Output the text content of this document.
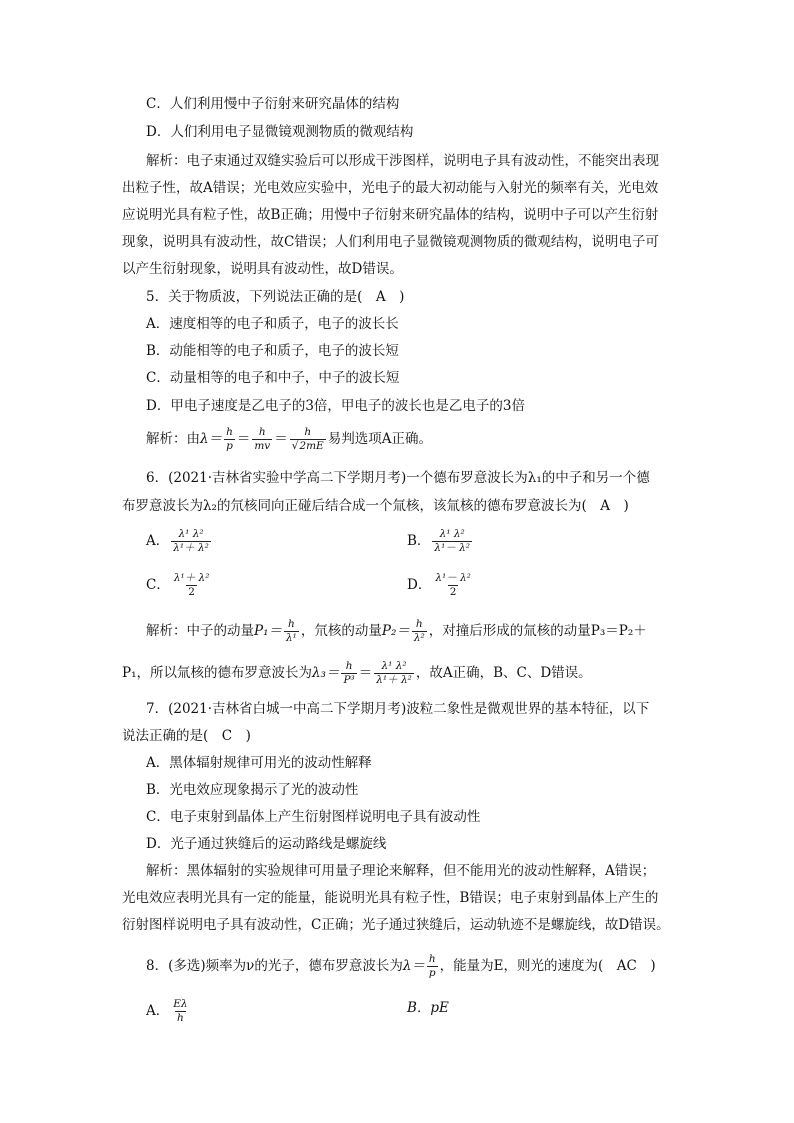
C．人们利用慢中子衍射来研究晶体的结构
D．人们利用电子显微镜观测物质的微观结构
解析：电子束通过双缝实验后可以形成干涉图样，说明电子具有波动性，不能突出表现
出粒子性，故A错误；光电效应实验中，光电子的最大初动能与入射光的频率有关，光电效
应说明光具有粒子性，故B正确；用慢中子衍射来研究晶体的结构，说明中子可以产生衍射
现象，说明具有波动性，故C错误；人们利用电子显微镜观测物质的微观结构，说明电子可
以产生衍射现象，说明具有波动性，故D错误。
5．关于物质波，下列说法正确的是(　A　)
A．速度相等的电子和质子，电子的波长长
B．动能相等的电子和质子，电子的波长短
C．动量相等的电子和中子，中子的波长短
D．甲电子速度是乙电子的3倍，甲电子的波长也是乙电子的3倍
解析：由$\lambda= \frac{h}{p} = \frac{h}{mv} = \frac{h}{√2mE}$ 易判选项A正确。
6．(2021·吉林省实验中学高二下学期月考)一个德布罗意波长为λ₁的中子和另一个德
布罗意波长为λ₂的氘核同向正碰后结合成一个氚核，该氚核的德布罗意波长为(　A　)
A． $\frac{\text{λ¹ λ²}}{\text{λ¹＋ λ²}}$	B． $\frac{\text{λ¹ λ²}}{\text{λ¹－ λ²}}$
C． $\frac{\text{λ¹＋ λ²}}{2}$	D． $\frac{\text{λ¹－ λ²}}{2}$
解析：中子的动量$P_1= \frac{h}{\text{λ¹}}$ ，氘核的动量$P_2= \frac{h}{\text{λ²}}$ ，对撞后形成的氚核的动量P₃＝P₂＋
P₁，所以氚核的德布罗意波长为$\lambda_3= \frac{h}{\text{P³}} = \frac{\text{λ¹ λ²}}{\text{λ¹＋ λ²}}$ ，故A正确，B、C、D错误。
7．(2021·吉林省白城一中高二下学期月考)波粒二象性是微观世界的基本特征，以下
说法正确的是(　C　)
A．黑体辐射规律可用光的波动性解释
B．光电效应现象揭示了光的波动性
C．电子束射到晶体上产生衍射图样说明电子具有波动性
D．光子通过狭缝后的运动路线是螺旋线
解析：黑体辐射的实验规律可用量子理论来解释，但不能用光的波动性解释，A错误；
光电效应表明光具有一定的能量，能说明光具有粒子性，B错误；电子束射到晶体上产生的
衍射图样说明电子具有波动性，C正确；光子通过狭缝后，运动轨迹不是螺旋线，故D错误。
8．(多选)频率为ν的光子，德布罗意波长为$\lambda= \frac{h}{p}$ ，能量为E，则光的速度为(　AC　)
A． $\frac{E\lambda}{h}$	B．pE
